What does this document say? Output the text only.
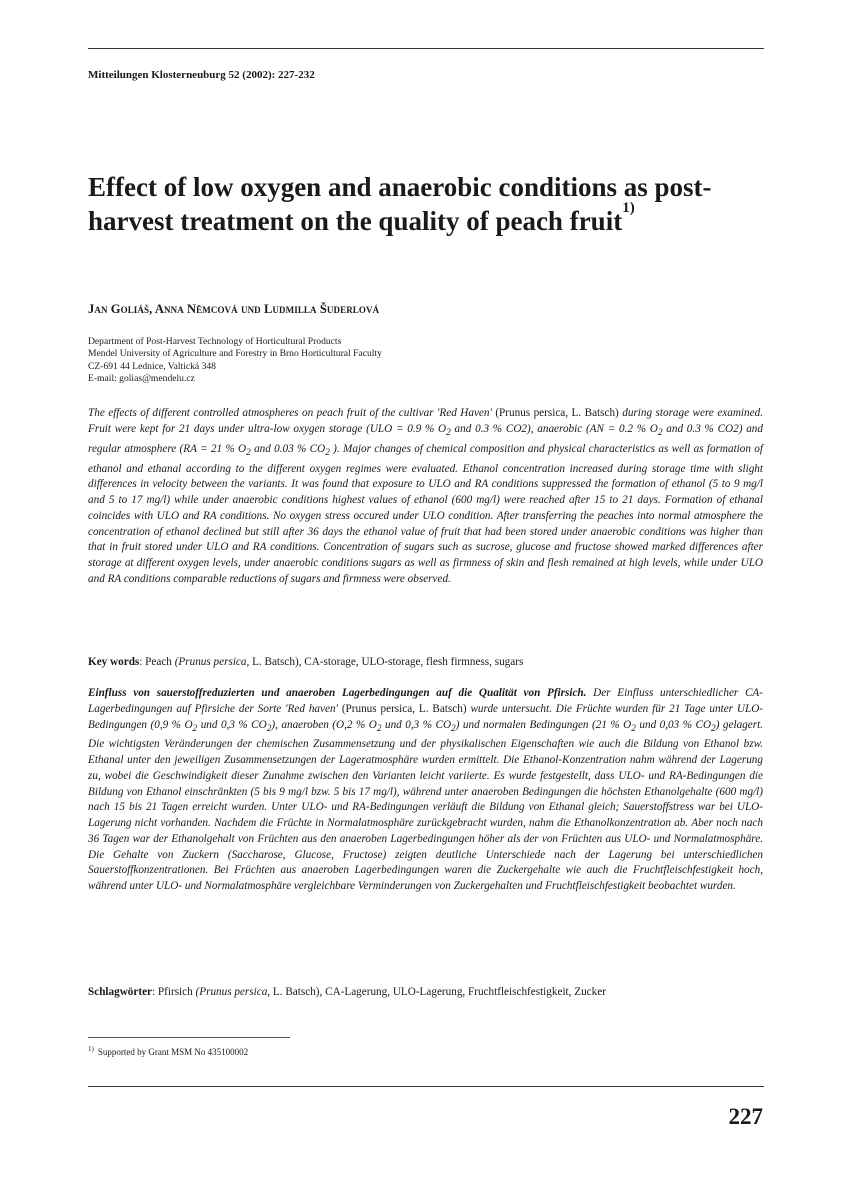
Mitteilungen Klosterneuburg 52 (2002): 227-232
Effect of low oxygen and anaerobic conditions as post-harvest treatment on the quality of peach fruit$^{1)}$
Jan Goliáš, Anna Němcová und Ludmilla Šuderlová
Department of Post-Harvest Technology of Horticultural Products
Mendel University of Agriculture and Forestry in Brno Horticultural Faculty
CZ-691 44 Lednice, Valtická 348
E-mail: golias@mendelu.cz

The effects of different controlled atmospheres on peach fruit of the cultivar 'Red Haven' (Prunus persica, L. Batsch) during storage were examined. Fruit were kept for 21 days under ultra-low oxygen storage (ULO = 0.9 % $O_2$ and 0.3 % CO2), anaerobic (AN = 0.2 % $O_2$ and 0.3 % CO2) and regular atmosphere (RA = 21 % $O_2$ and 0.03 % $CO_2$ ). Major changes of chemical composition and physical characteristics as well as formation of ethanol and ethanal according to the different oxygen regimes were evaluated. Ethanol concentration increased during storage time with slight differences in velocity between the variants. It was found that exposure to ULO and RA conditions suppressed the formation of ethanol (5 to 9 mg/l and 5 to 17 mg/l) while under anaerobic conditions highest values of ethanol (600 mg/l) were reached after 15 to 21 days. Formation of ethanal coincides with ULO and RA conditions. No oxygen stress occured under ULO condition. After transferring the peaches into normal atmosphere the concentration of ethanol declined but still after 36 days the ethanol value of fruit that had been stored under anaerobic conditions was higher than that in fruit stored under ULO and RA conditions. Concentration of sugars such as sucrose, glucose and fructose showed marked differences after storage at different oxygen levels, under anaerobic conditions sugars as well as firmness of skin and flesh remained at high levels, while under ULO and RA conditions comparable reductions of sugars and firmness were observed.

Key words: Peach (Prunus persica, L. Batsch), CA-storage, ULO-storage, flesh firmness, sugars

Einfluss von sauerstoffreduzierten und anaeroben Lagerbedingungen auf die Qualität von Pfirsich. Der Einfluss unterschiedlicher CA-Lagerbedingungen auf Pfirsiche der Sorte 'Red haven' (Prunus persica, L. Batsch) wurde untersucht. Die Früchte wurden für 21 Tage unter ULO-Bedingungen (0,9 % $O_2$ und 0,3 % $CO_2$), anaeroben (O,2 % $O_2$ und 0,3 % $CO_2$) und normalen Bedingungen (21 % $O_2$ und 0,03 % $CO_2$) gelagert. Die wichtigsten Veränderungen der chemischen Zusammensetzung und der physikalischen Eigenschaften wie auch die Bildung von Ethanol bzw. Ethanal unter den jeweiligen Zusammensetzungen der Lageratmosphäre wurden ermittelt. Die Ethanol-Konzentration nahm während der Lagerung zu, wobei die Geschwindigkeit dieser Zunahme zwischen den Varianten leicht variierte. Es wurde festgestellt, dass ULO- und RA-Bedingungen die Bildung von Ethanol einschränkten (5 bis 9 mg/l bzw. 5 bis 17 mg/l), während unter anaeroben Bedingungen die höchsten Ethanolgehalte (600 mg/l) nach 15 bis 21 Tagen erreicht wurden. Unter ULO- und RA-Bedingungen verläuft die Bildung von Ethanal gleich; Sauerstoffstress war bei ULO-Lagerung nicht vorhanden. Nachdem die Früchte in Normalatmosphäre zurückgebracht wurden, nahm die Ethanolkonzentration ab. Aber noch nach 36 Tagen war der Ethanolgehalt von Früchten aus den anaeroben Lagerbedingungen höher als der von Früchten aus ULO- und Normalatmosphäre. Die Gehalte von Zuckern (Saccharose, Glucose, Fructose) zeigten deutliche Unterschiede nach der Lagerung bei unterschiedlichen Sauerstoffkonzentrationen. Bei Früchten aus anaeroben Lagerbedingungen waren die Zuckergehalte wie auch die Fruchtfleischfestigkeit hoch, während unter ULO- und Normalatmosphäre vergleichbare Verminderungen von Zuckergehalten und Fruchtfleischfestigkeit beobachtet wurden.

Schlagwörter: Pfirsich (Prunus persica, L. Batsch), CA-Lagerung, ULO-Lagerung, Fruchtfleischfestigkeit, Zucker
$^{1)}$ Supported by Grant MSM No 435100002
227
